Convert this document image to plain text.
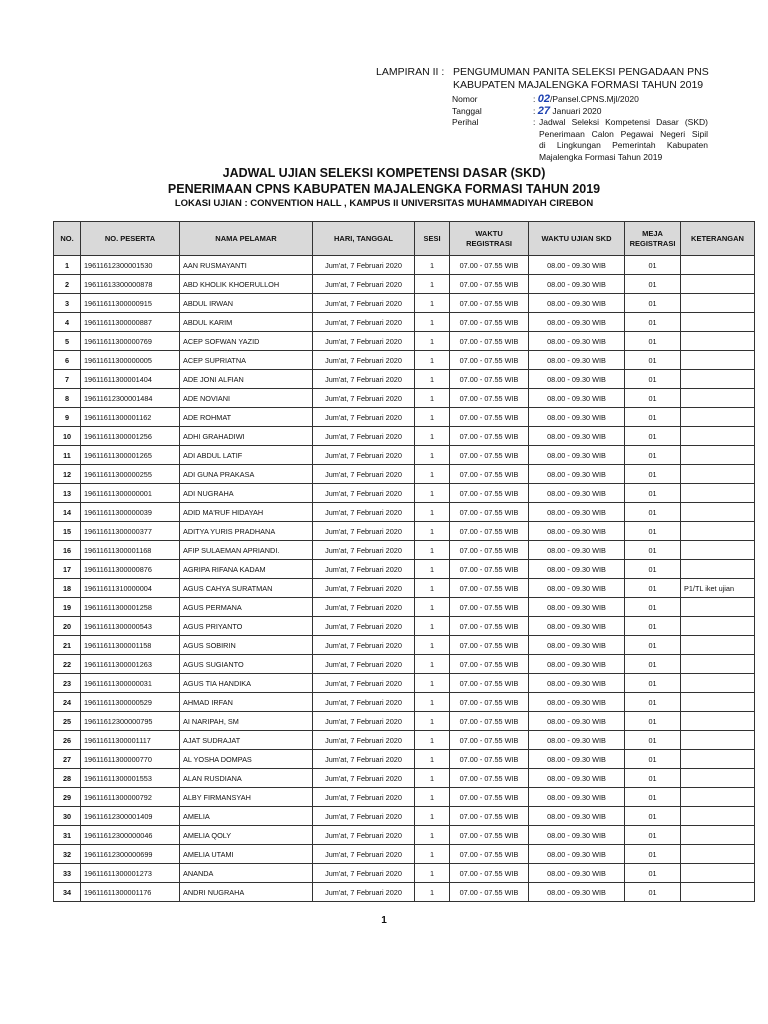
LAMPIRAN II : PENGUMUMAN PANITA SELEKSI PENGADAAN PNS
KABUPATEN MAJALENGKA FORMASI TAHUN 2019
Nomor	: 02/Pansel.CPNS.Mjl/2020
Tanggal	: 27 Januari 2020
Perihal	: Jadwal Seleksi Kompetensi Dasar (SKD)
Penerimaan Calon Pegawai Negeri Sipil
di Lingkungan Pemerintah Kabupaten
Majalengka Formasi Tahun 2019
JADWAL UJIAN SELEKSI KOMPETENSI DASAR (SKD)
PENERIMAAN CPNS KABUPATEN MAJALENGKA FORMASI TAHUN 2019
LOKASI UJIAN : CONVENTION HALL , KAMPUS II UNIVERSITAS MUHAMMADIYAH CIREBON
NO.	NO. PESERTA	NAMA PELAMAR	HARI, TANGGAL	SESI	WAKTU REGISTRASI	WAKTU UJIAN SKD	MEJA REGISTRASI	KETERANGAN
1	19611612300001530	AAN RUSMAYANTI	Jum'at, 7 Februari 2020	1	07.00 - 07.55 WIB	08.00 - 09.30 WIB	01	
2	19611613300000878	ABD KHOLIK KHOERULLOH	Jum'at, 7 Februari 2020	1	07.00 - 07.55 WIB	08.00 - 09.30 WIB	01	
3	19611611300000915	ABDUL IRWAN	Jum'at, 7 Februari 2020	1	07.00 - 07.55 WIB	08.00 - 09.30 WIB	01	
4	19611611300000887	ABDUL KARIM	Jum'at, 7 Februari 2020	1	07.00 - 07.55 WIB	08.00 - 09.30 WIB	01	
5	19611611300000769	ACEP SOFWAN YAZID	Jum'at, 7 Februari 2020	1	07.00 - 07.55 WIB	08.00 - 09.30 WIB	01	
6	19611611300000005	ACEP SUPRIATNA	Jum'at, 7 Februari 2020	1	07.00 - 07.55 WIB	08.00 - 09.30 WIB	01	
7	19611611300001404	ADE JONI ALFIAN	Jum'at, 7 Februari 2020	1	07.00 - 07.55 WIB	08.00 - 09.30 WIB	01	
8	19611612300001484	ADE NOVIANI	Jum'at, 7 Februari 2020	1	07.00 - 07.55 WIB	08.00 - 09.30 WIB	01	
9	19611611300001162	ADE ROHMAT	Jum'at, 7 Februari 2020	1	07.00 - 07.55 WIB	08.00 - 09.30 WIB	01	
10	19611611300001256	ADHI GRAHADIWI	Jum'at, 7 Februari 2020	1	07.00 - 07.55 WIB	08.00 - 09.30 WIB	01	
11	19611611300001265	ADI ABDUL LATIF	Jum'at, 7 Februari 2020	1	07.00 - 07.55 WIB	08.00 - 09.30 WIB	01	
12	19611611300000255	ADI GUNA PRAKASA	Jum'at, 7 Februari 2020	1	07.00 - 07.55 WIB	08.00 - 09.30 WIB	01	
13	19611611300000001	ADI NUGRAHA	Jum'at, 7 Februari 2020	1	07.00 - 07.55 WIB	08.00 - 09.30 WIB	01	
14	19611611300000039	ADID MA'RUF HIDAYAH	Jum'at, 7 Februari 2020	1	07.00 - 07.55 WIB	08.00 - 09.30 WIB	01	
15	19611611300000377	ADITYA YURIS PRADHANA	Jum'at, 7 Februari 2020	1	07.00 - 07.55 WIB	08.00 - 09.30 WIB	01	
16	19611611300001168	AFIP SULAEMAN APRIANDI.	Jum'at, 7 Februari 2020	1	07.00 - 07.55 WIB	08.00 - 09.30 WIB	01	
17	19611611300000876	AGRIPA RIFANA KADAM	Jum'at, 7 Februari 2020	1	07.00 - 07.55 WIB	08.00 - 09.30 WIB	01	
18	19611611310000004	AGUS CAHYA SURATMAN	Jum'at, 7 Februari 2020	1	07.00 - 07.55 WIB	08.00 - 09.30 WIB	01	P1/TL iket ujian
19	19611611300001258	AGUS PERMANA	Jum'at, 7 Februari 2020	1	07.00 - 07.55 WIB	08.00 - 09.30 WIB	01	
20	19611611300000543	AGUS PRIYANTO	Jum'at, 7 Februari 2020	1	07.00 - 07.55 WIB	08.00 - 09.30 WIB	01	
21	19611611300001158	AGUS SOBIRIN	Jum'at, 7 Februari 2020	1	07.00 - 07.55 WIB	08.00 - 09.30 WIB	01	
22	19611611300001263	AGUS SUGIANTO	Jum'at, 7 Februari 2020	1	07.00 - 07.55 WIB	08.00 - 09.30 WIB	01	
23	19611611300000031	AGUS TIA HANDIKA	Jum'at, 7 Februari 2020	1	07.00 - 07.55 WIB	08.00 - 09.30 WIB	01	
24	19611611300000529	AHMAD IRFAN	Jum'at, 7 Februari 2020	1	07.00 - 07.55 WIB	08.00 - 09.30 WIB	01	
25	19611612300000795	AI NARIPAH, SM	Jum'at, 7 Februari 2020	1	07.00 - 07.55 WIB	08.00 - 09.30 WIB	01	
26	19611611300001117	AJAT SUDRAJAT	Jum'at, 7 Februari 2020	1	07.00 - 07.55 WIB	08.00 - 09.30 WIB	01	
27	19611611300000770	AL YOSHA DOMPAS	Jum'at, 7 Februari 2020	1	07.00 - 07.55 WIB	08.00 - 09.30 WIB	01	
28	19611611300001553	ALAN RUSDIANA	Jum'at, 7 Februari 2020	1	07.00 - 07.55 WIB	08.00 - 09.30 WIB	01	
29	19611611300000792	ALBY FIRMANSYAH	Jum'at, 7 Februari 2020	1	07.00 - 07.55 WIB	08.00 - 09.30 WIB	01	
30	19611612300001409	AMELIA	Jum'at, 7 Februari 2020	1	07.00 - 07.55 WIB	08.00 - 09.30 WIB	01	
31	19611612300000046	AMELIA QOLY	Jum'at, 7 Februari 2020	1	07.00 - 07.55 WIB	08.00 - 09.30 WIB	01	
32	19611612300000699	AMELIA UTAMI	Jum'at, 7 Februari 2020	1	07.00 - 07.55 WIB	08.00 - 09.30 WIB	01	
33	19611611300001273	ANANDA	Jum'at, 7 Februari 2020	1	07.00 - 07.55 WIB	08.00 - 09.30 WIB	01	
34	19611611300001176	ANDRI NUGRAHA	Jum'at, 7 Februari 2020	1	07.00 - 07.55 WIB	08.00 - 09.30 WIB	01	
1
